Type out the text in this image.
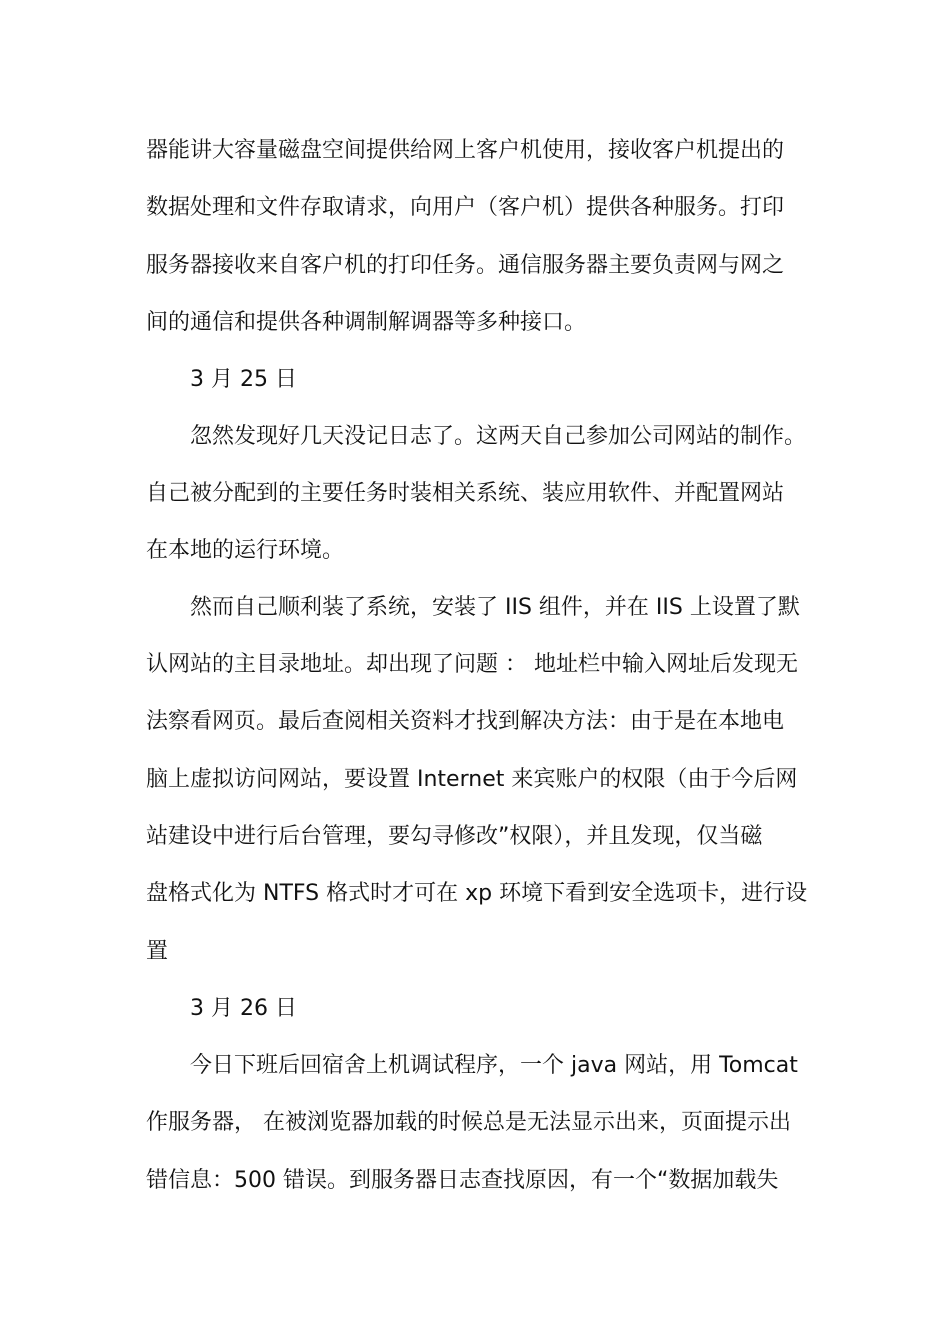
器能讲大容量磁盘空间提供给网上客户机使用，接收客户机提出的
数据处理和文件存取请求，向用户（客户机）提供各种服务。打印
服务器接收来自客户机的打印任务。通信服务器主要负责网与网之
间的通信和提供各种调制解调器等多种接口。
3 月 25 日
忽然发现好几天没记日志了。这两天自己参加公司网站的制作。
自己被分配到的主要任务时装相关系统、装应用软件、并配置网站
在本地的运行环境。
然而自己顺利装了系统，安装了 IIS 组件，并在 IIS 上设置了默
认网站的主目录地址。却出现了问题 ： 地址栏中输入网址后发现无
法察看网页。最后查阅相关资料才找到解决方法：由于是在本地电
脑上虚拟访问网站，要设置 Internet 来宾账户的权限（由于今后网
站建设中进行后台管理，要勾寻修改”权限），并且发现，仅当磁
盘格式化为 NTFS 格式时才可在 xp 环境下看到安全选项卡，进行设
置
3 月 26 日
今日下班后回宿舍上机调试程序，一个 java 网站，用 Tomcat
作服务器， 在被浏览器加载的时候总是无法显示出来，页面提示出
错信息：500 错误。到服务器日志查找原因，有一个“数据加载失
